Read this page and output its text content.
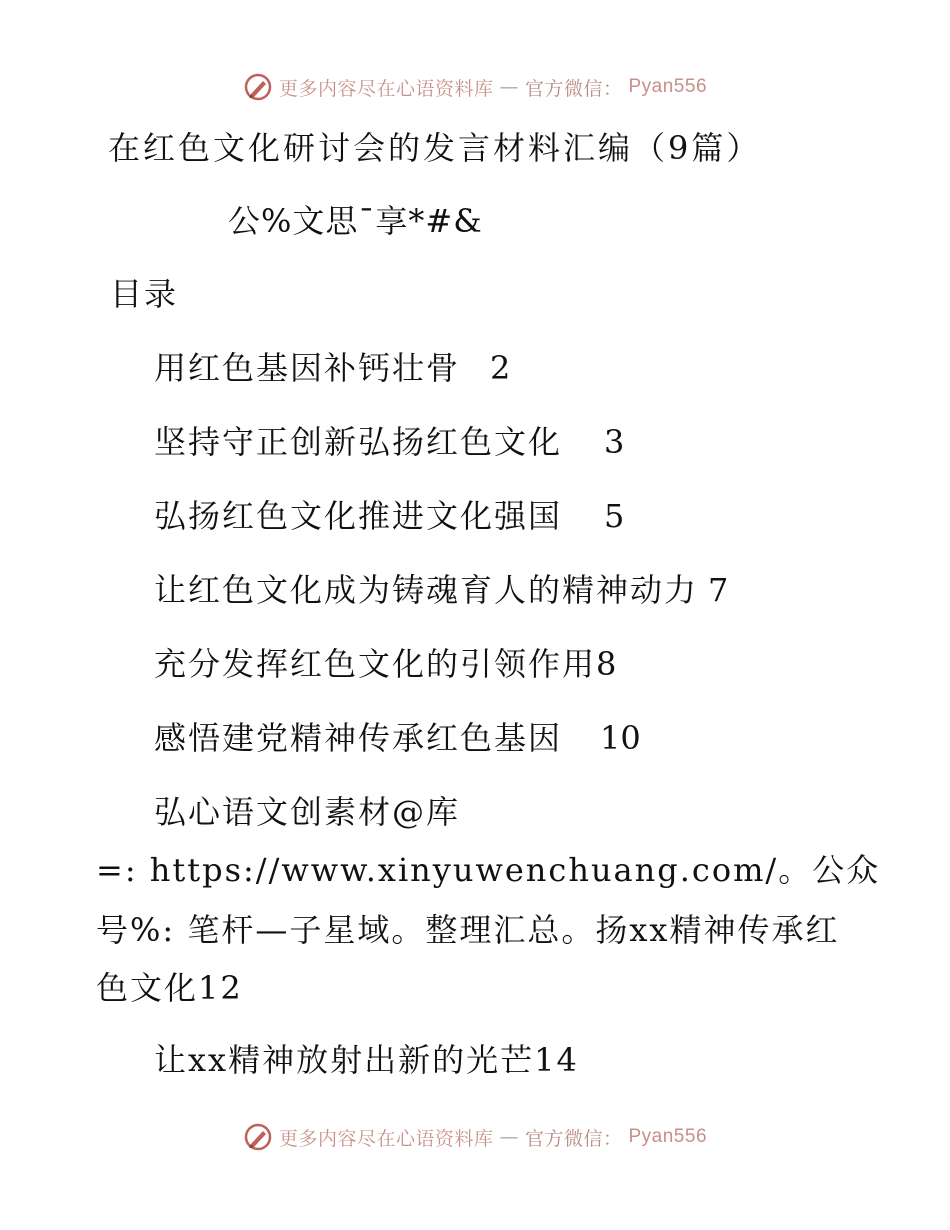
更多内容尽在心语资料库 — 官方微信： Pyan556
在红色文化研讨会的发言材料汇编（9篇）
公%文思¯享*#&
目录
用红色基因补钙壮骨 2
坚持守正创新弘扬红色文化 3
弘扬红色文化推进文化强国 5
让红色文化成为铸魂育人的精神动力 7
充分发挥红色文化的引领作用8
感悟建党精神传承红色基因 10
弘心语文创素材@库
=: https://www.xinyuwenchuang.com/。公众
号%: 笔杆—子星域。整理汇总。扬xx精神传承红
色文化12
让xx精神放射出新的光芒14
更多内容尽在心语资料库 — 官方微信： Pyan556
